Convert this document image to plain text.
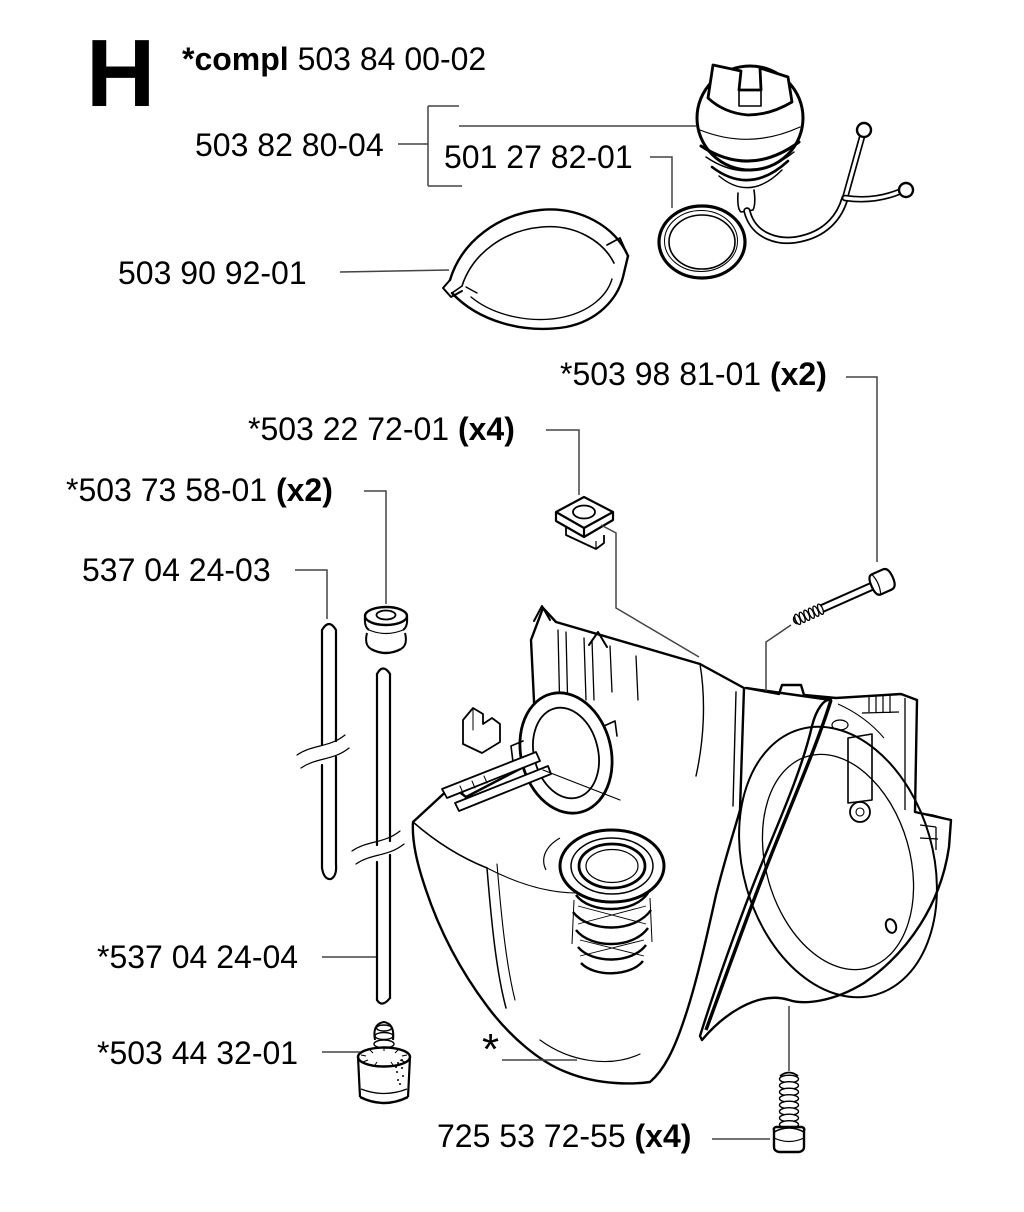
H *compl 503 84 00-02
503 82 80-04 501 27 82-01
503 90 92-01
*503 98 81-01 (x2)
*503 22 72-01 (x4)
*503 73 58-01 (x2)
537 04 24-03
*537 04 24-04
*503 44 32-01	*
725 53 72-55 (x4)
